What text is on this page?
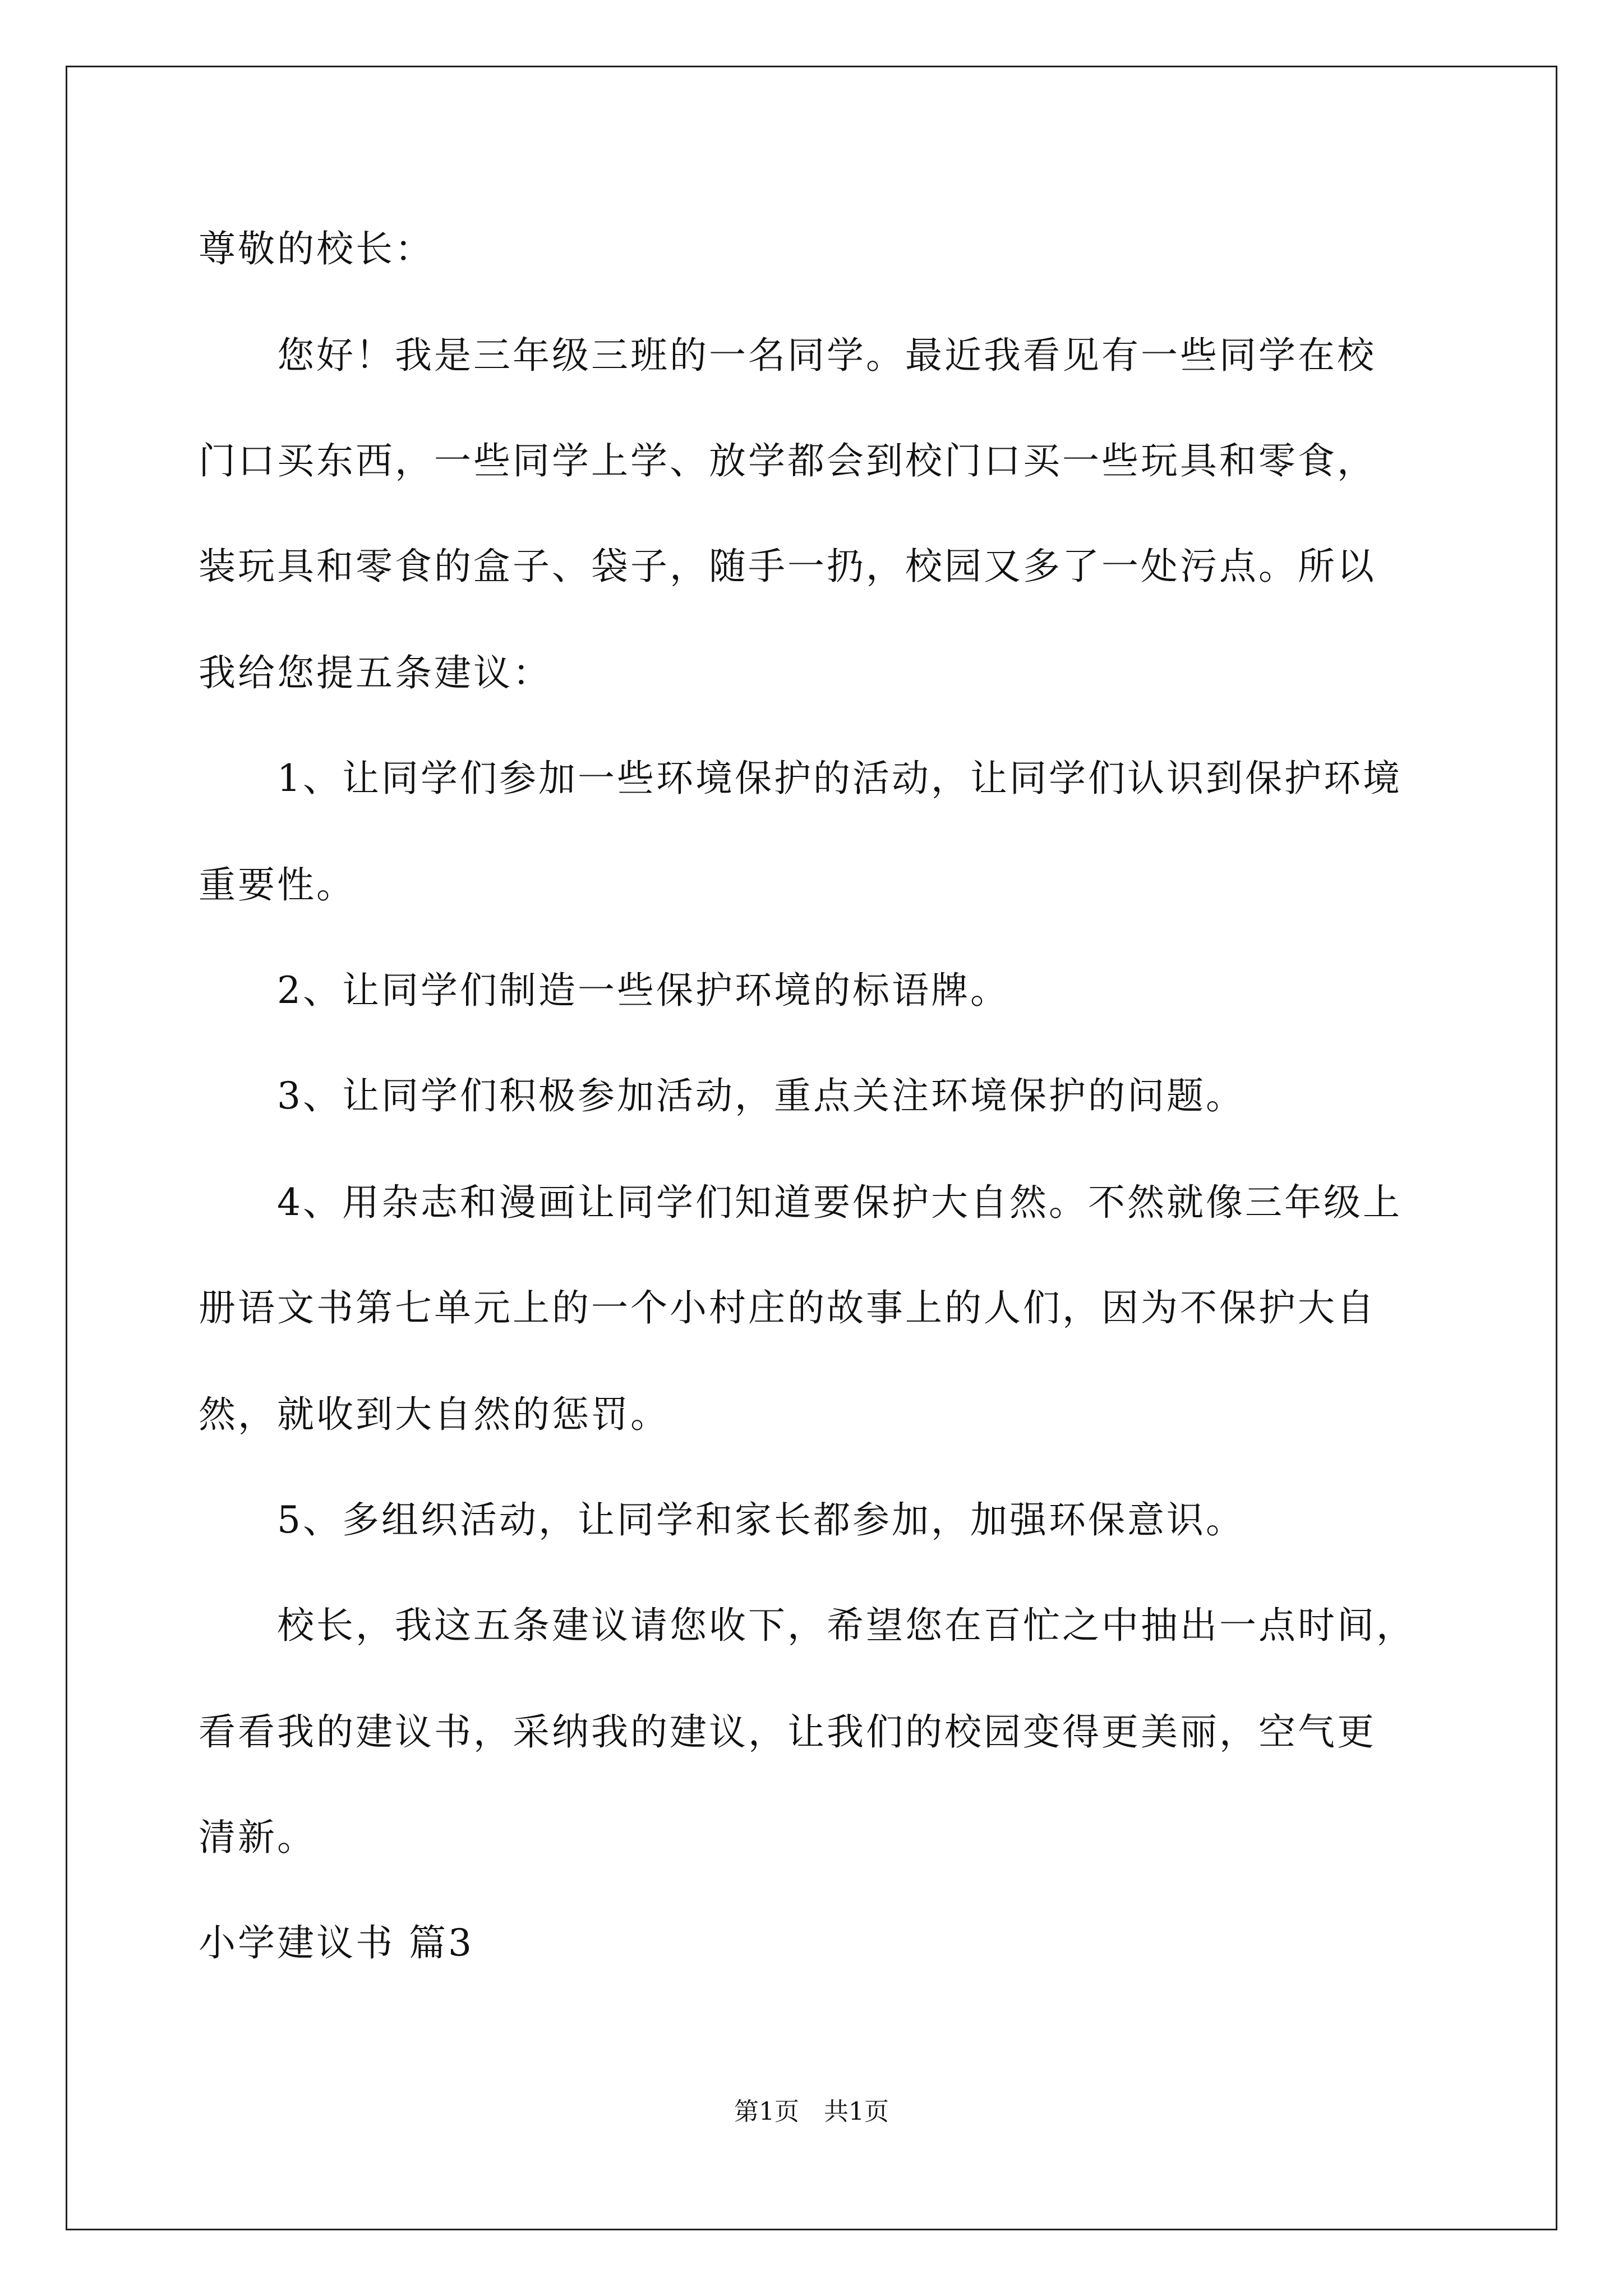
尊敬的校长：
您好！我是三年级三班的一名同学。最近我看见有一些同学在校
门口买东西，一些同学上学、放学都会到校门口买一些玩具和零食，
装玩具和零食的盒子、袋子，随手一扔，校园又多了一处污点。所以
我给您提五条建议：
1、让同学们参加一些环境保护的活动，让同学们认识到保护环境
重要性。
2、让同学们制造一些保护环境的标语牌。
3、让同学们积极参加活动，重点关注环境保护的问题。
4、用杂志和漫画让同学们知道要保护大自然。不然就像三年级上
册语文书第七单元上的一个小村庄的故事上的人们，因为不保护大自
然，就收到大自然的惩罚。
5、多组织活动，让同学和家长都参加，加强环保意识。
校长，我这五条建议请您收下，希望您在百忙之中抽出一点时间，
看看我的建议书，采纳我的建议，让我们的校园变得更美丽，空气更
清新。
小学建议书 篇3
第1页　共1页
